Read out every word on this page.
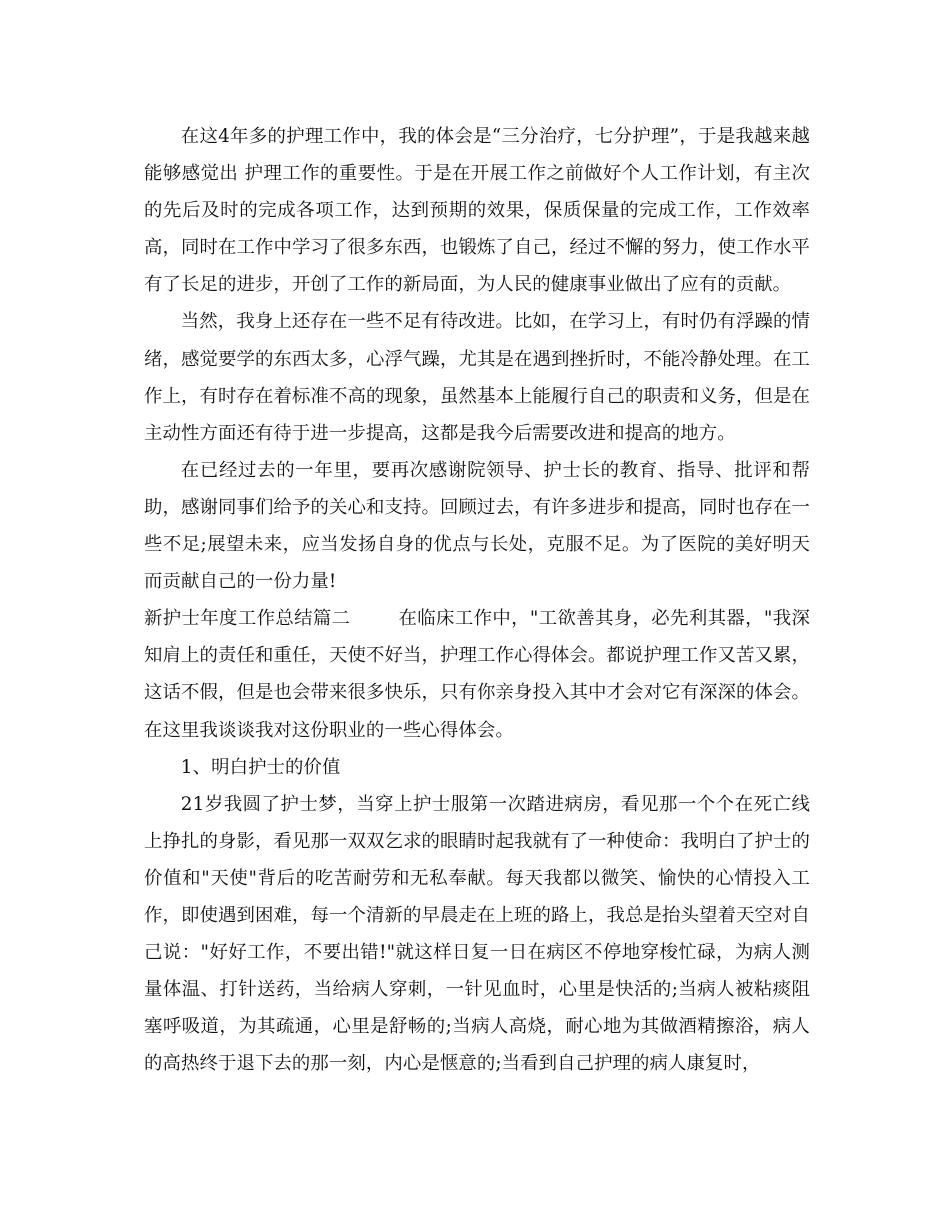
在这4年多的护理工作中，我的体会是“三分治疗，七分护理”，于是我越来越能够感觉出 护理工作的重要性。于是在开展工作之前做好个人工作计划，有主次的先后及时的完成各项工作，达到预期的效果，保质保量的完成工作，工作效率高，同时在工作中学习了很多东西，也锻炼了自己，经过不懈的努力，使工作水平有了长足的进步，开创了工作的新局面，为人民的健康事业做出了应有的贡献。

当然，我身上还存在一些不足有待改进。比如，在学习上，有时仍有浮躁的情绪，感觉要学的东西太多，心浮气躁，尤其是在遇到挫折时，不能冷静处理。在工作上，有时存在着标准不高的现象，虽然基本上能履行自己的职责和义务，但是在主动性方面还有待于进一步提高，这都是我今后需要改进和提高的地方。

在已经过去的一年里，要再次感谢院领导、护士长的教育、指导、批评和帮助，感谢同事们给予的关心和支持。回顾过去，有许多进步和提高，同时也存在一些不足;展望未来，应当发扬自身的优点与长处，克服不足。为了医院的美好明天而贡献自己的一份力量!

新护士年度工作总结篇二	在临床工作中，"工欲善其身，必先利其器，"我深知肩上的责任和重任，天使不好当，护理工作心得体会。都说护理工作又苦又累，这话不假，但是也会带来很多快乐，只有你亲身投入其中才会对它有深深的体会。在这里我谈谈我对这份职业的一些心得体会。

1、明白护士的价值

21岁我圆了护士梦，当穿上护士服第一次踏进病房，看见那一个个在死亡线上挣扎的身影，看见那一双双乞求的眼睛时起我就有了一种使命：我明白了护士的价值和"天使"背后的吃苦耐劳和无私奉献。每天我都以微笑、愉快的心情投入工作，即使遇到困难，每一个清新的早晨走在上班的路上，我总是抬头望着天空对自己说："好好工作，不要出错!"就这样日复一日在病区不停地穿梭忙碌，为病人测量体温、打针送药，当给病人穿刺，一针见血时，心里是快活的;当病人被粘痰阻塞呼吸道，为其疏通，心里是舒畅的;当病人高烧，耐心地为其做酒精擦浴，病人的高热终于退下去的那一刻，内心是惬意的;当看到自己护理的病人康复时，
